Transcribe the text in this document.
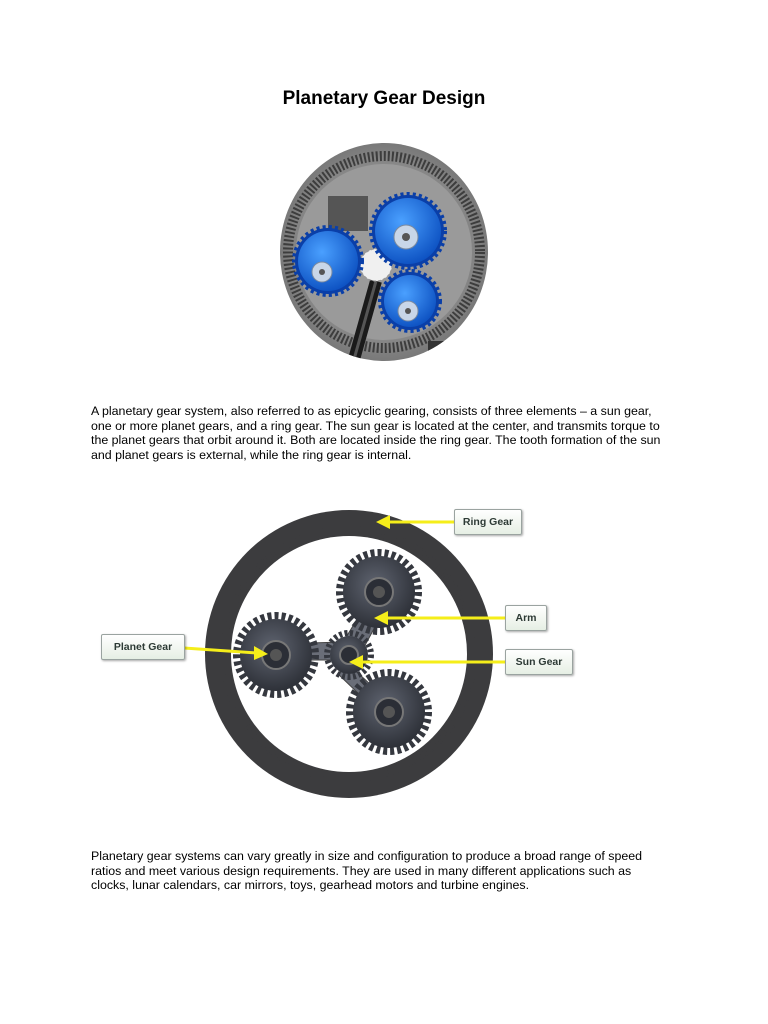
Planetary Gear Design
A planetary gear system, also referred to as epicyclic gearing, consists of three elements – a sun gear, one or more planet gears, and a ring gear. The sun gear is located at the center, and transmits torque to the planet gears that orbit around it. Both are located inside the ring gear. The tooth formation of the sun and planet gears is external, while the ring gear is internal.
Ring Gear
Arm
Planet Gear
Sun Gear
Planetary gear systems can vary greatly in size and configuration to produce a broad range of speed ratios and meet various design requirements. They are used in many different applications such as clocks, lunar calendars, car mirrors, toys, gearhead motors and turbine engines.
